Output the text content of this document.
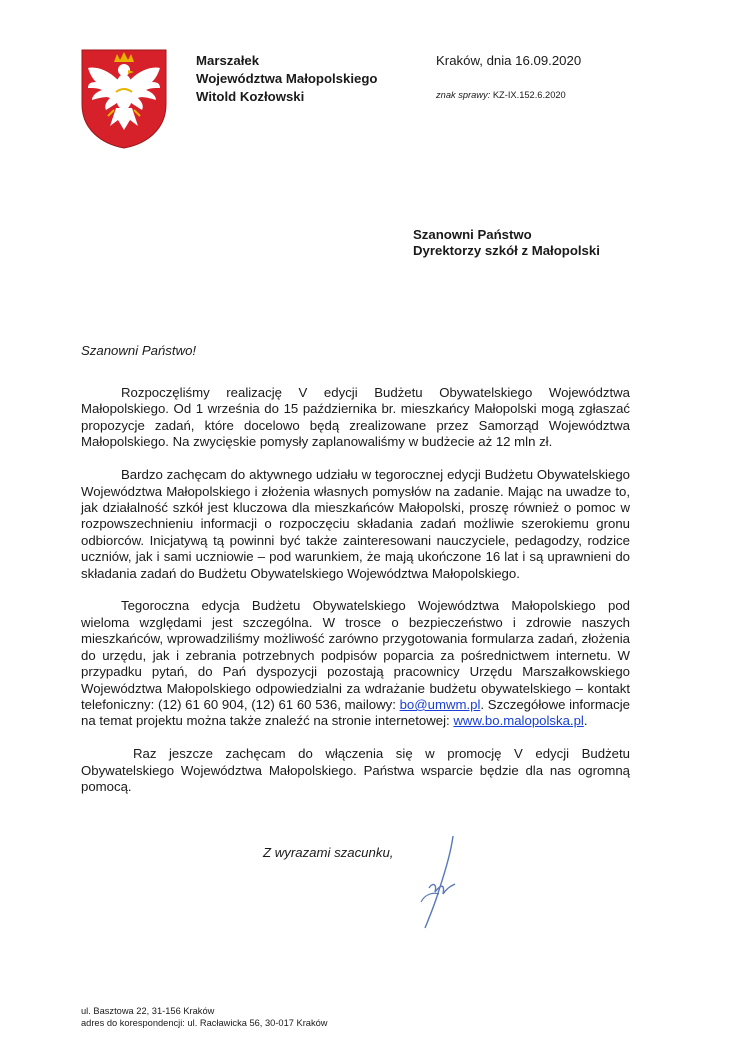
Marszałek
Województwa Małopolskiego
Witold Kozłowski
Kraków, dnia 16.09.2020
znak sprawy: KZ-IX.152.6.2020
Szanowni Państwo
Dyrektorzy szkół z Małopolski
Szanowni Państwo!

Rozpoczęliśmy realizację V edycji Budżetu Obywatelskiego Województwa Małopolskiego. Od 1 września do 15 października br. mieszkańcy Małopolski mogą zgłaszać propozycje zadań, które docelowo będą zrealizowane przez Samorząd Województwa Małopolskiego. Na zwycięskie pomysły zaplanowaliśmy w budżecie aż 12 mln zł.

Bardzo zachęcam do aktywnego udziału w tegorocznej edycji Budżetu Obywatelskiego Województwa Małopolskiego i złożenia własnych pomysłów na zadanie. Mając na uwadze to, jak działalność szkół jest kluczowa dla mieszkańców Małopolski, proszę również o pomoc w rozpowszechnieniu informacji o rozpoczęciu składania zadań możliwie szerokiemu gronu odbiorców. Inicjatywą tą powinni być także zainteresowani nauczyciele, pedagodzy, rodzice uczniów, jak i sami uczniowie – pod warunkiem, że mają ukończone 16 lat i są uprawnieni do składania zadań do Budżetu Obywatelskiego Województwa Małopolskiego.

Tegoroczna edycja Budżetu Obywatelskiego Województwa Małopolskiego pod wieloma względami jest szczególna. W trosce o bezpieczeństwo i zdrowie naszych mieszkańców, wprowadziliśmy możliwość zarówno przygotowania formularza zadań, złożenia do urzędu, jak i zebrania potrzebnych podpisów poparcia za pośrednictwem internetu. W przypadku pytań, do Pań dyspozycji pozostają pracownicy Urzędu Marszałkowskiego Województwa Małopolskiego odpowiedzialni za wdrażanie budżetu obywatelskiego – kontakt telefoniczny: (12) 61 60 904, (12) 61 60 536, mailowy: bo@umwm.pl. Szczegółowe informacje na temat projektu można także znaleźć na stronie internetowej: www.bo.malopolska.pl.

Raz jeszcze zachęcam do włączenia się w promocję V edycji Budżetu Obywatelskiego Województwa Małopolskiego. Państwa wsparcie będzie dla nas ogromną pomocą.

Z wyrazami szacunku,
ul. Basztowa 22, 31-156 Kraków
adres do korespondencji: ul. Racławicka 56, 30-017 Kraków
